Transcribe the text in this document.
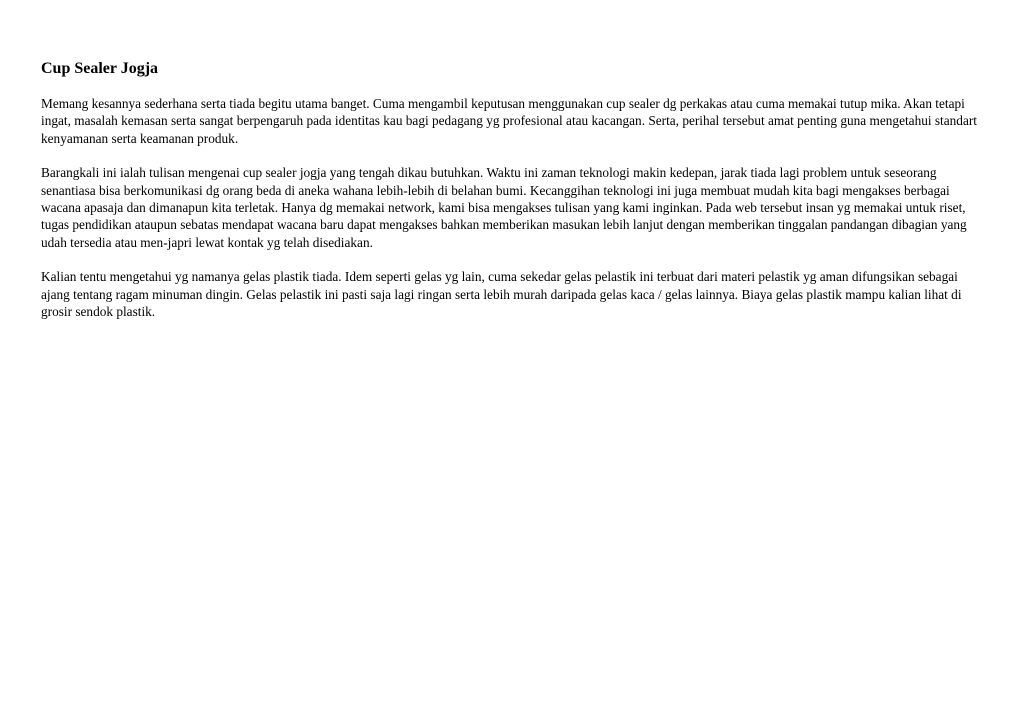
Cup Sealer Jogja

Memang kesannya sederhana serta tiada begitu utama banget. Cuma mengambil keputusan menggunakan cup sealer dg perkakas atau cuma memakai tutup mika. Akan tetapi ingat, masalah kemasan serta sangat berpengaruh pada identitas kau bagi pedagang yg profesional atau kacangan. Serta, perihal tersebut amat penting guna mengetahui standart kenyamanan serta keamanan produk.

Barangkali ini ialah tulisan mengenai cup sealer jogja yang tengah dikau butuhkan. Waktu ini zaman teknologi makin kedepan, jarak tiada lagi problem untuk seseorang senantiasa bisa berkomunikasi dg orang beda di aneka wahana lebih-lebih di belahan bumi. Kecanggihan teknologi ini juga membuat mudah kita bagi mengakses berbagai wacana apasaja dan dimanapun kita terletak. Hanya dg memakai network, kami bisa mengakses tulisan yang kami inginkan. Pada web tersebut insan yg memakai untuk riset, tugas pendidikan ataupun sebatas mendapat wacana baru dapat mengakses bahkan memberikan masukan lebih lanjut dengan memberikan tinggalan pandangan dibagian yang udah tersedia atau men-japri lewat kontak yg telah disediakan.

Kalian tentu mengetahui yg namanya gelas plastik tiada. Idem seperti gelas yg lain, cuma sekedar gelas pelastik ini terbuat dari materi pelastik yg aman difungsikan sebagai ajang tentang ragam minuman dingin. Gelas pelastik ini pasti saja lagi ringan serta lebih murah daripada gelas kaca / gelas lainnya. Biaya gelas plastik mampu kalian lihat di grosir sendok plastik.
